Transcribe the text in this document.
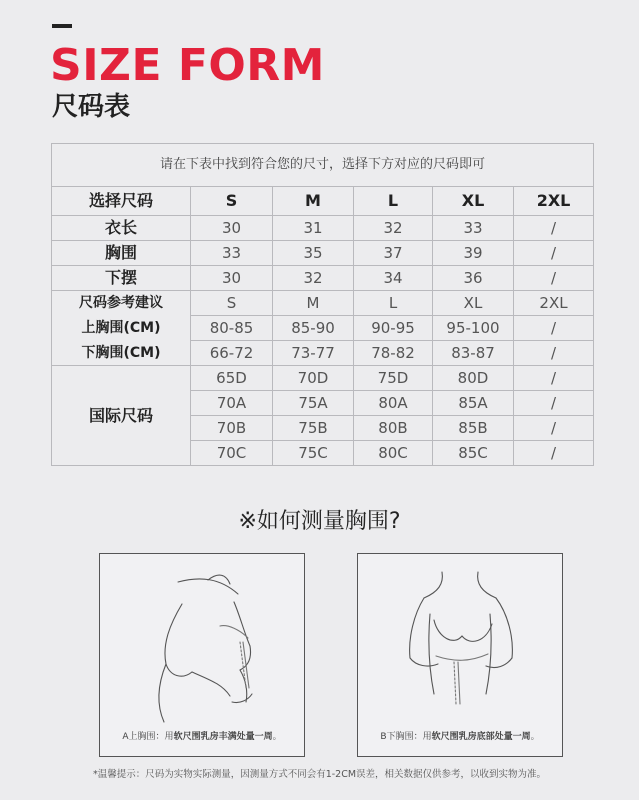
SIZE FORM
尺码表
请在下表中找到符合您的尺寸，选择下方对应的尺码即可					
选择尺码	S	M	L	XL	2XL
衣长	30	31	32	33	/
胸围	33	35	37	39	/
下摆	30	32	34	36	/
尺码参考建议	S	M	L	XL	2XL
上胸围(CM)	80-85	85-90	90-95	95-100	/
下胸围(CM)	66-72	73-77	78-82	83-87	/
国际尺码	65D	70D	75D	80D	/
	70A	75A	80A	85A	/
	70B	75B	80B	85B	/
	70C	75C	80C	85C	/
※如何测量胸围?
A上胸围：用软尺围乳房丰满处量一周。	B下胸围：用软尺围乳房底部处量一周。
*温馨提示：尺码为实物实际测量，因测量方式不同会有1-2CM误差，相关数据仅供参考，以收到实物为准。
